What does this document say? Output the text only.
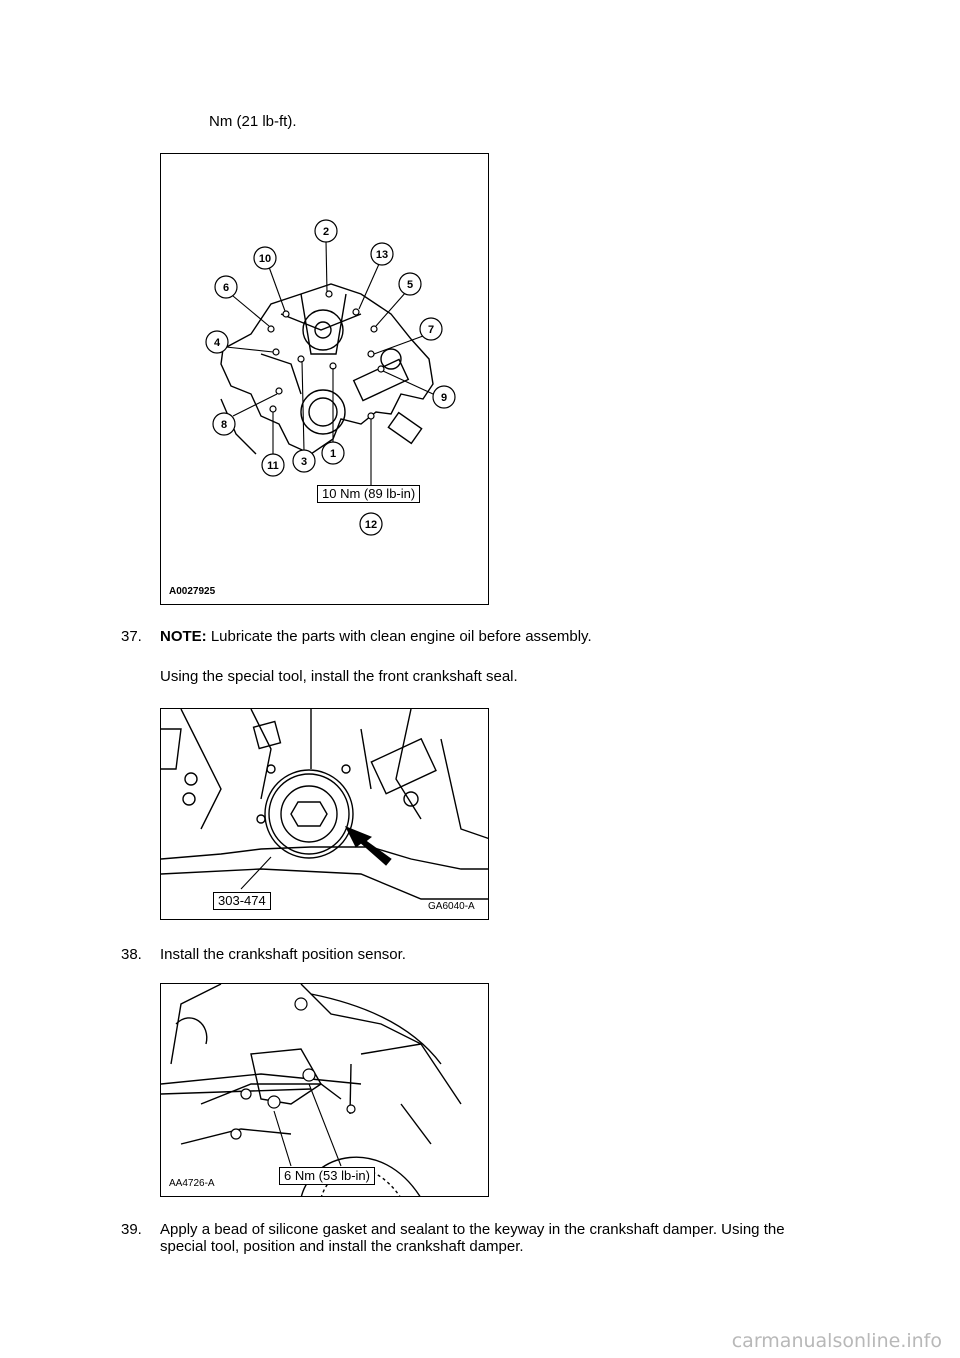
Nm (21 lb-ft).
2
10	13
6	5
4
7
8
9
11 3
1
12
10 Nm (89 lb-in)
A0027925
37. NOTE: Lubricate the parts with clean engine oil before assembly.
Using the special tool, install the front crankshaft seal.
303-474	GA6040-A
38. Install the crankshaft position sensor.
6 Nm (53 lb-in)
AA4726-A
39. Apply a bead of silicone gasket and sealant to the keyway in the crankshaft damper. Using the
special tool, position and install the crankshaft damper.
carmanualsonline.info
